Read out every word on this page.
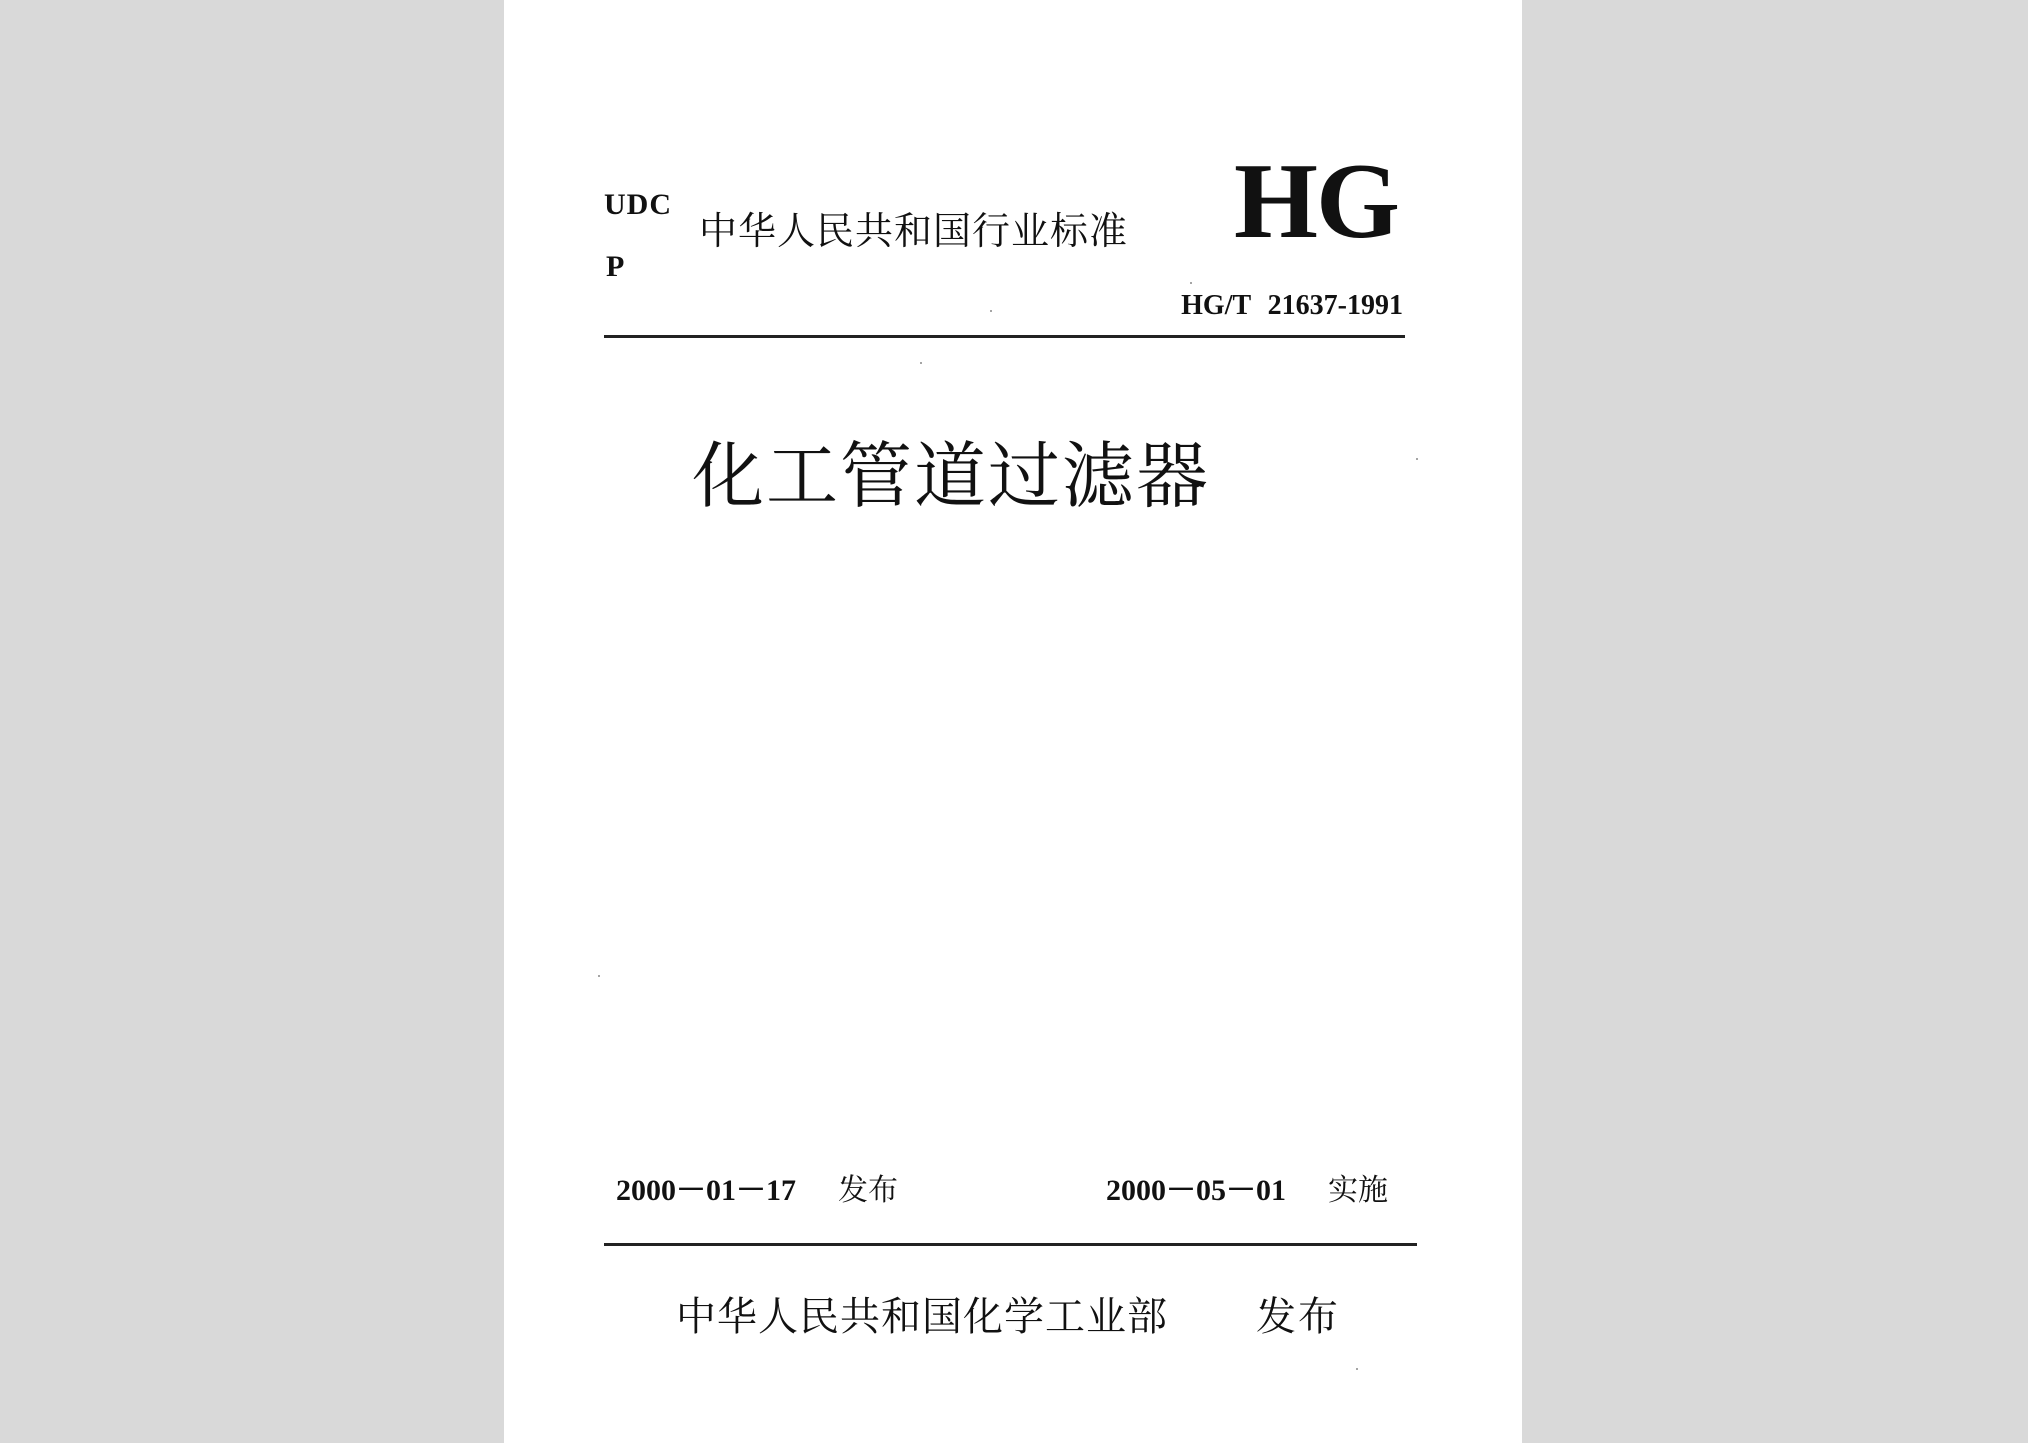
UDC
P
中华人民共和国行业标准 HG
HG/T 21637-1991
化工管道过滤器
2000－01－17 发布	2000－05－01 实施
中华人民共和国化学工业部 发布
